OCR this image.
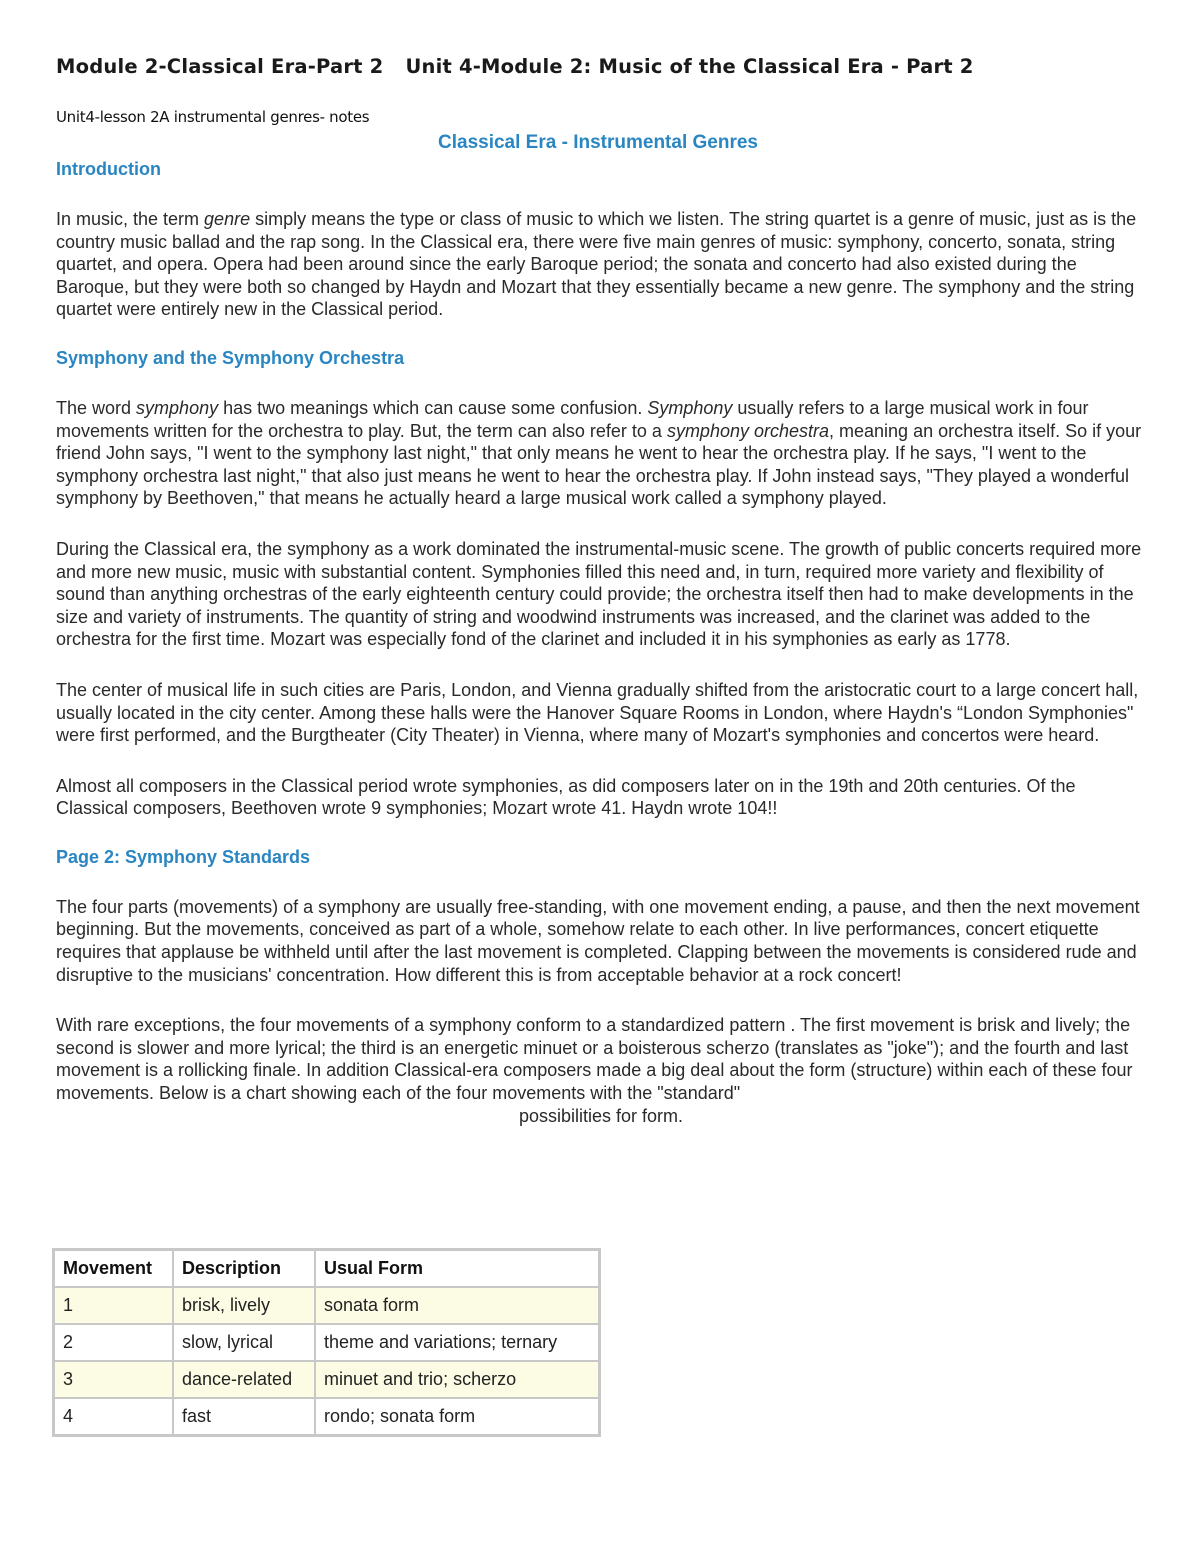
Module 2-Classical Era-Part 2 Unit 4-Module 2: Music of the Classical Era - Part 2

Unit4-lesson 2A instrumental genres- notes

Classical Era - Instrumental Genres
Introduction

In music, the term genre simply means the type or class of music to which we listen. The string quartet is a genre of music, just as is the country music ballad and the rap song. In the Classical era, there were five main genres of music: symphony, concerto, sonata, string quartet, and opera. Opera had been around since the early Baroque period; the sonata and concerto had also existed during the Baroque, but they were both so changed by Haydn and Mozart that they essentially became a new genre. The symphony and the string quartet were entirely new in the Classical period.

Symphony and the Symphony Orchestra

The word symphony has two meanings which can cause some confusion. Symphony usually refers to a large musical work in four movements written for the orchestra to play. But, the term can also refer to a symphony orchestra, meaning an orchestra itself. So if your friend John says, "I went to the symphony last night," that only means he went to hear the orchestra play. If he says, "I went to the symphony orchestra last night," that also just means he went to hear the orchestra play. If John instead says, "They played a wonderful symphony by Beethoven," that means he actually heard a large musical work called a symphony played.

During the Classical era, the symphony as a work dominated the instrumental-music scene. The growth of public concerts required more and more new music, music with substantial content. Symphonies filled this need and, in turn, required more variety and flexibility of sound than anything orchestras of the early eighteenth century could provide; the orchestra itself then had to make developments in the size and variety of instruments. The quantity of string and woodwind instruments was increased, and the clarinet was added to the orchestra for the first time. Mozart was especially fond of the clarinet and included it in his symphonies as early as 1778.

The center of musical life in such cities are Paris, London, and Vienna gradually shifted from the aristocratic court to a large concert hall, usually located in the city center. Among these halls were the Hanover Square Rooms in London, where Haydn's “London Symphonies" were first performed, and the Burgtheater (City Theater) in Vienna, where many of Mozart's symphonies and concertos were heard.

Almost all composers in the Classical period wrote symphonies, as did composers later on in the 19th and 20th centuries. Of the Classical composers, Beethoven wrote 9 symphonies; Mozart wrote 41. Haydn wrote 104!!

Page 2: Symphony Standards

The four parts (movements) of a symphony are usually free-standing, with one movement ending, a pause, and then the next movement beginning. But the movements, conceived as part of a whole, somehow relate to each other. In live performances, concert etiquette requires that applause be withheld until after the last movement is completed. Clapping between the movements is considered rude and disruptive to the musicians' concentration. How different this is from acceptable behavior at a rock concert!

With rare exceptions, the four movements of a symphony conform to a standardized pattern . The first movement is brisk and lively; the second is slower and more lyrical; the third is an energetic minuet or a boisterous scherzo (translates as "joke"); and the fourth and last movement is a rollicking finale. In addition Classical-era composers made a big deal about the form (structure) within each of these four movements. Below is a chart showing each of the four movements with the "standard"

possibilities for form.

Movement	Description	Usual Form
1	brisk, lively	sonata form
2	slow, lyrical	theme and variations; ternary
3	dance-related	minuet and trio; scherzo
4	fast	rondo; sonata form
